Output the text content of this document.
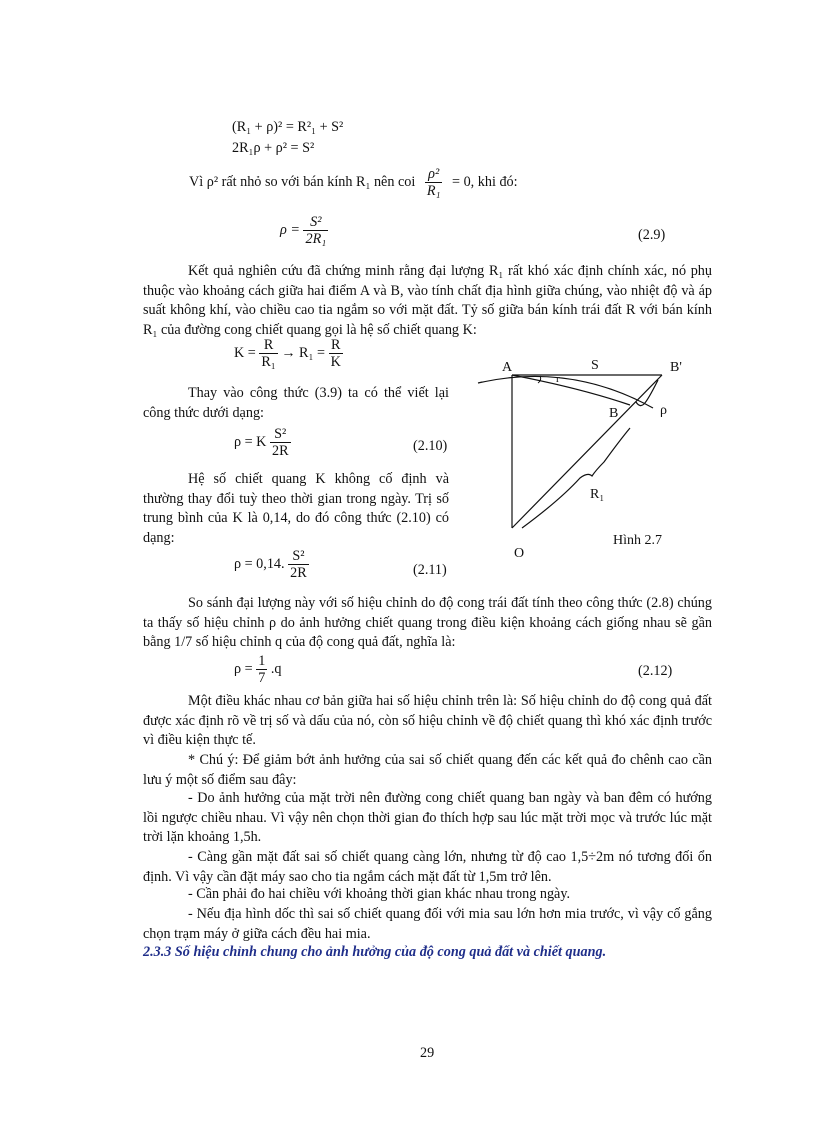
(R₁ + ρ)² = R²₁ + S²
2R₁ρ + ρ² = S²
Vì ρ² rất nhỏ so với bán kính R₁ nên coi $\frac{\text{ρ²}}{\text{R₁}} = 0$, khi đó:
$\rho = \frac{\text{S²}}{\text{2R₁}}$	(2.9)
Kết quả nghiên cứu đã chứng minh rằng đại lượng R₁ rất khó xác định chính xác, nó phụ thuộc vào khoảng cách giữa hai điểm A và B, vào tính chất địa hình giữa chúng, vào nhiệt độ và áp suất không khí, vào chiều cao tia ngắm so với mặt đất. Tỷ số giữa bán kính trái đất R với bán kính R₁ của đường cong chiết quang gọi là hệ số chiết quang K:
$K = \frac{R}{\text{R₁}} \to R_1 = \frac{R}{K}$
Thay vào công thức (3.9) ta có thể viết lại công thức dưới dạng:
ρ = K $\frac{\text{S²}}{2R}$	(2.10)
Hệ số chiết quang K không cố định và thường thay đổi tuỳ theo thời gian trong ngày. Trị số trung bình của K là 0,14, do đó công thức (2.10) có dạng:
ρ = 0,14. $\frac{\text{S²}}{2R}$	(2.11)
A	S	B'
r
B	ρ
R₁
Hình 2.7
O
So sánh đại lượng này với số hiệu chỉnh do độ cong trái đất tính theo công thức (2.8) chúng ta thấy số hiệu chỉnh ρ do ảnh hưởng chiết quang trong điều kiện khoảng cách giống nhau sẽ gần bằng 1/7 số hiệu chỉnh q của độ cong quả đất, nghĩa là:
$\rho = \frac{1}{7} .q$	(2.12)
Một điều khác nhau cơ bản giữa hai số hiệu chỉnh trên là: Số hiệu chỉnh do độ cong quả đất được xác định rõ về trị số và dấu của nó, còn số hiệu chỉnh về độ chiết quang thì khó xác định trước vì điều kiện thực tế.
* Chú ý: Để giảm bớt ảnh hưởng của sai số chiết quang đến các kết quả đo chênh cao cần lưu ý một số điểm sau đây:
- Do ảnh hưởng của mặt trời nên đường cong chiết quang ban ngày và ban đêm có hướng lồi ngược chiều nhau. Vì vậy nên chọn thời gian đo thích hợp sau lúc mặt trời mọc và trước lúc mặt trời lặn khoảng 1,5h.
- Càng gần mặt đất sai số chiết quang càng lớn, nhưng từ độ cao 1,5÷2m nó tương đối ổn định. Vì vậy cần đặt máy sao cho tia ngắm cách mặt đất từ 1,5m trở lên.
- Cần phải đo hai chiều với khoảng thời gian khác nhau trong ngày.
- Nếu địa hình dốc thì sai số chiết quang đối với mia sau lớn hơn mia trước, vì vậy cố gắng chọn trạm máy ở giữa cách đều hai mia.
2.3.3 Số hiệu chỉnh chung cho ảnh hưởng của độ cong quả đất và chiết quang.
29
